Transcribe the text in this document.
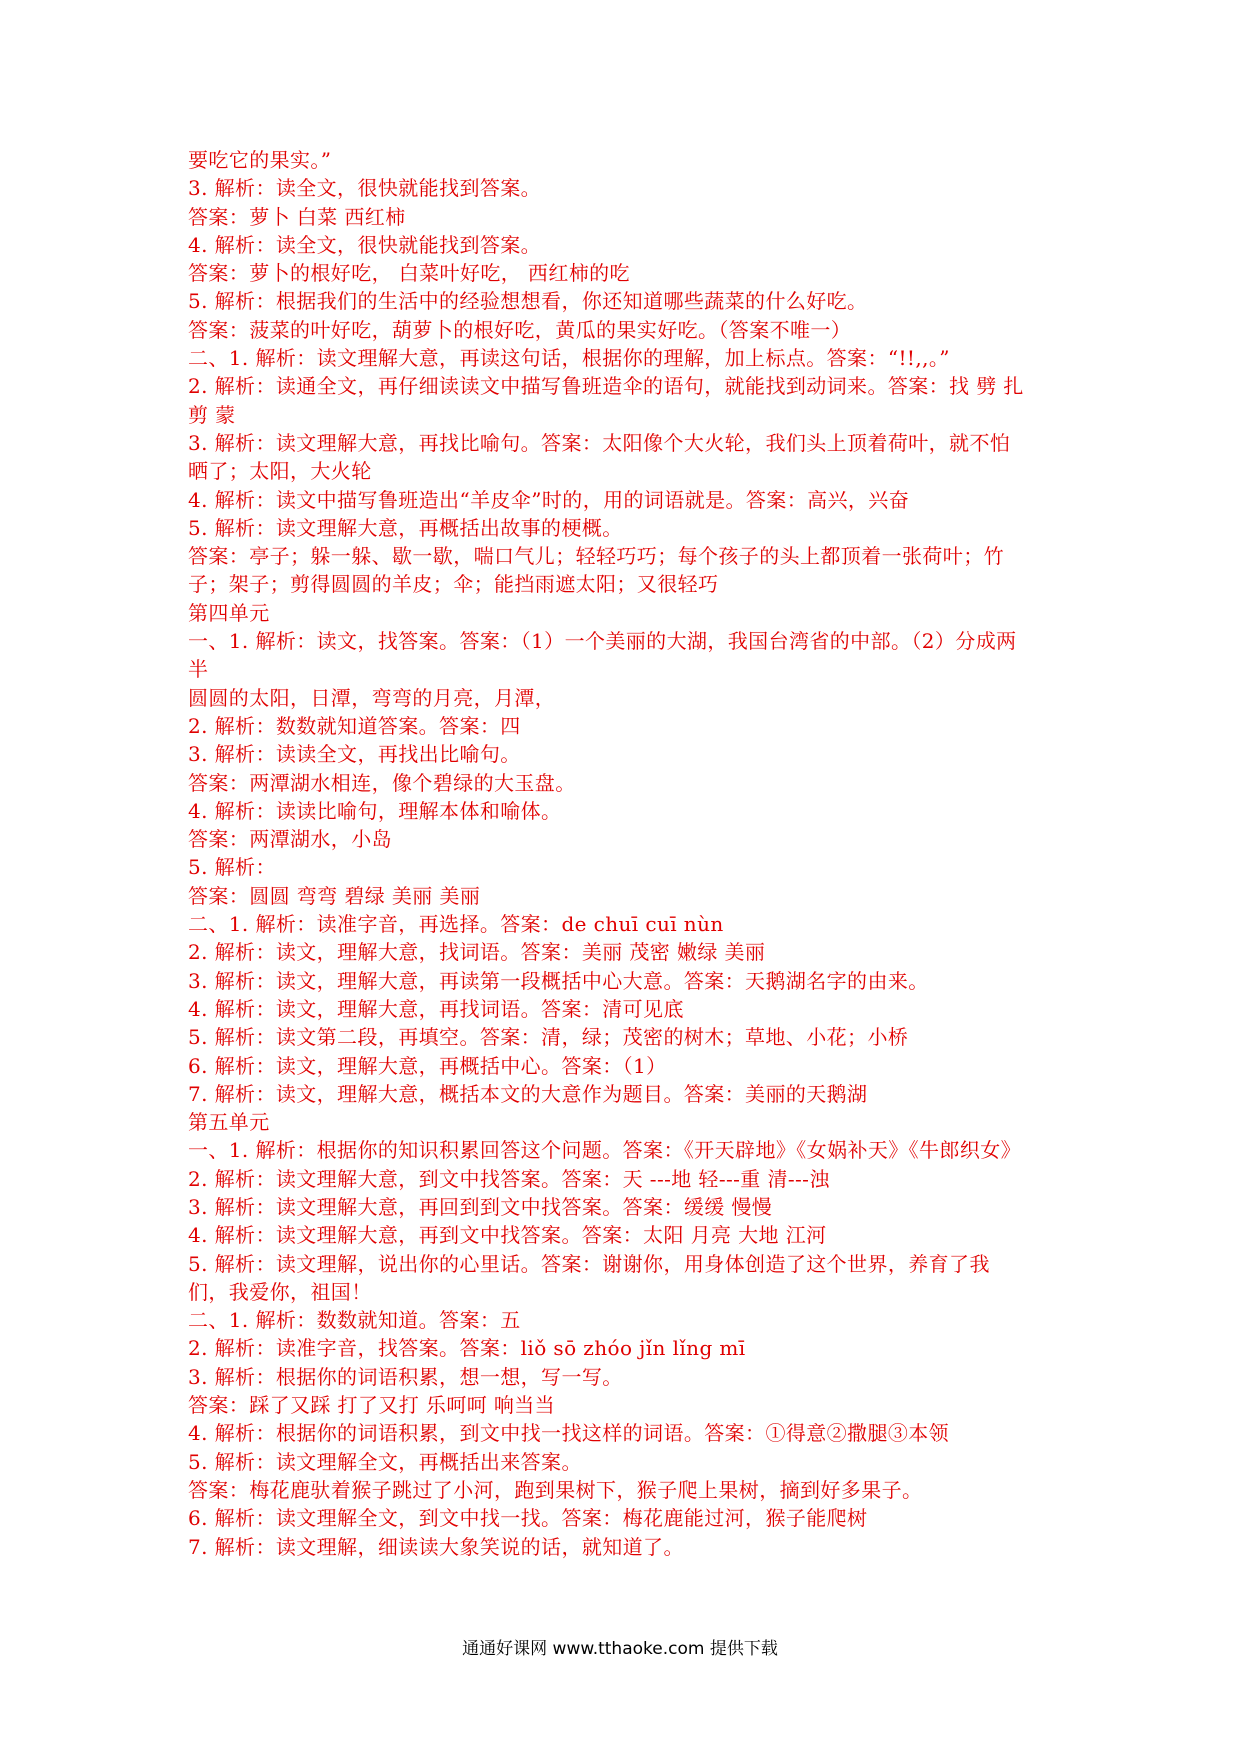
要吃它的果实。”
3. 解析：读全文，很快就能找到答案。
答案：萝卜 白菜 西红柿
4. 解析：读全文，很快就能找到答案。
答案：萝卜的根好吃， 白菜叶好吃， 西红柿的吃
5. 解析：根据我们的生活中的经验想想看，你还知道哪些蔬菜的什么好吃。
答案：菠菜的叶好吃，葫萝卜的根好吃，黄瓜的果实好吃。（答案不唯一）
二、1. 解析：读文理解大意，再读这句话，根据你的理解，加上标点。答案：“!!,,。”
2. 解析：读通全文，再仔细读读文中描写鲁班造伞的语句，就能找到动词来。答案：找 劈 扎
剪 蒙
3. 解析：读文理解大意，再找比喻句。答案：太阳像个大火轮，我们头上顶着荷叶，就不怕
晒了；太阳，大火轮
4. 解析：读文中描写鲁班造出“羊皮伞”时的，用的词语就是。答案：高兴，兴奋
5. 解析：读文理解大意，再概括出故事的梗概。
答案：亭子；躲一躲、歇一歇，喘口气儿；轻轻巧巧；每个孩子的头上都顶着一张荷叶；竹
子；架子；剪得圆圆的羊皮；伞；能挡雨遮太阳；又很轻巧
第四单元
一、1. 解析：读文，找答案。答案：（1）一个美丽的大湖，我国台湾省的中部。（2）分成两
半
圆圆的太阳，日潭，弯弯的月亮，月潭，
2. 解析：数数就知道答案。答案：四
3. 解析：读读全文，再找出比喻句。
答案：两潭湖水相连，像个碧绿的大玉盘。
4. 解析：读读比喻句，理解本体和喻体。
答案：两潭湖水，小岛
5. 解析：
答案：圆圆 弯弯 碧绿 美丽 美丽
二、1. 解析：读准字音，再选择。答案：de chuī cuī nùn
2. 解析：读文，理解大意，找词语。答案：美丽 茂密 嫩绿 美丽
3. 解析：读文，理解大意，再读第一段概括中心大意。答案：天鹅湖名字的由来。
4. 解析：读文，理解大意，再找词语。答案：清可见底
5. 解析：读文第二段，再填空。答案：清，绿；茂密的树木；草地、小花；小桥
6. 解析：读文，理解大意，再概括中心。答案：（1）
7. 解析：读文，理解大意，概括本文的大意作为题目。答案：美丽的天鹅湖
第五单元
一、1. 解析：根据你的知识积累回答这个问题。答案：《开天辟地》《女娲补天》《牛郎织女》
2. 解析：读文理解大意，到文中找答案。答案：天 ---地 轻---重 清---浊
3. 解析：读文理解大意，再回到到文中找答案。答案：缓缓 慢慢
4. 解析：读文理解大意，再到文中找答案。答案：太阳 月亮 大地 江河
5. 解析：读文理解，说出你的心里话。答案：谢谢你，用身体创造了这个世界，养育了我
们，我爱你，祖国！
二、1. 解析：数数就知道。答案：五
2. 解析：读准字音，找答案。答案：liǒ sō zhóo jǐn lǐng mī
3. 解析：根据你的词语积累，想一想，写一写。
答案：踩了又踩 打了又打 乐呵呵 响当当
4. 解析：根据你的词语积累，到文中找一找这样的词语。答案：①得意②撒腿③本领
5. 解析：读文理解全文，再概括出来答案。
答案：梅花鹿驮着猴子跳过了小河，跑到果树下，猴子爬上果树，摘到好多果子。
6. 解析：读文理解全文，到文中找一找。答案：梅花鹿能过河，猴子能爬树
7. 解析：读文理解，细读读大象笑说的话，就知道了。
通通好课网 www.tthaoke.com 提供下载
